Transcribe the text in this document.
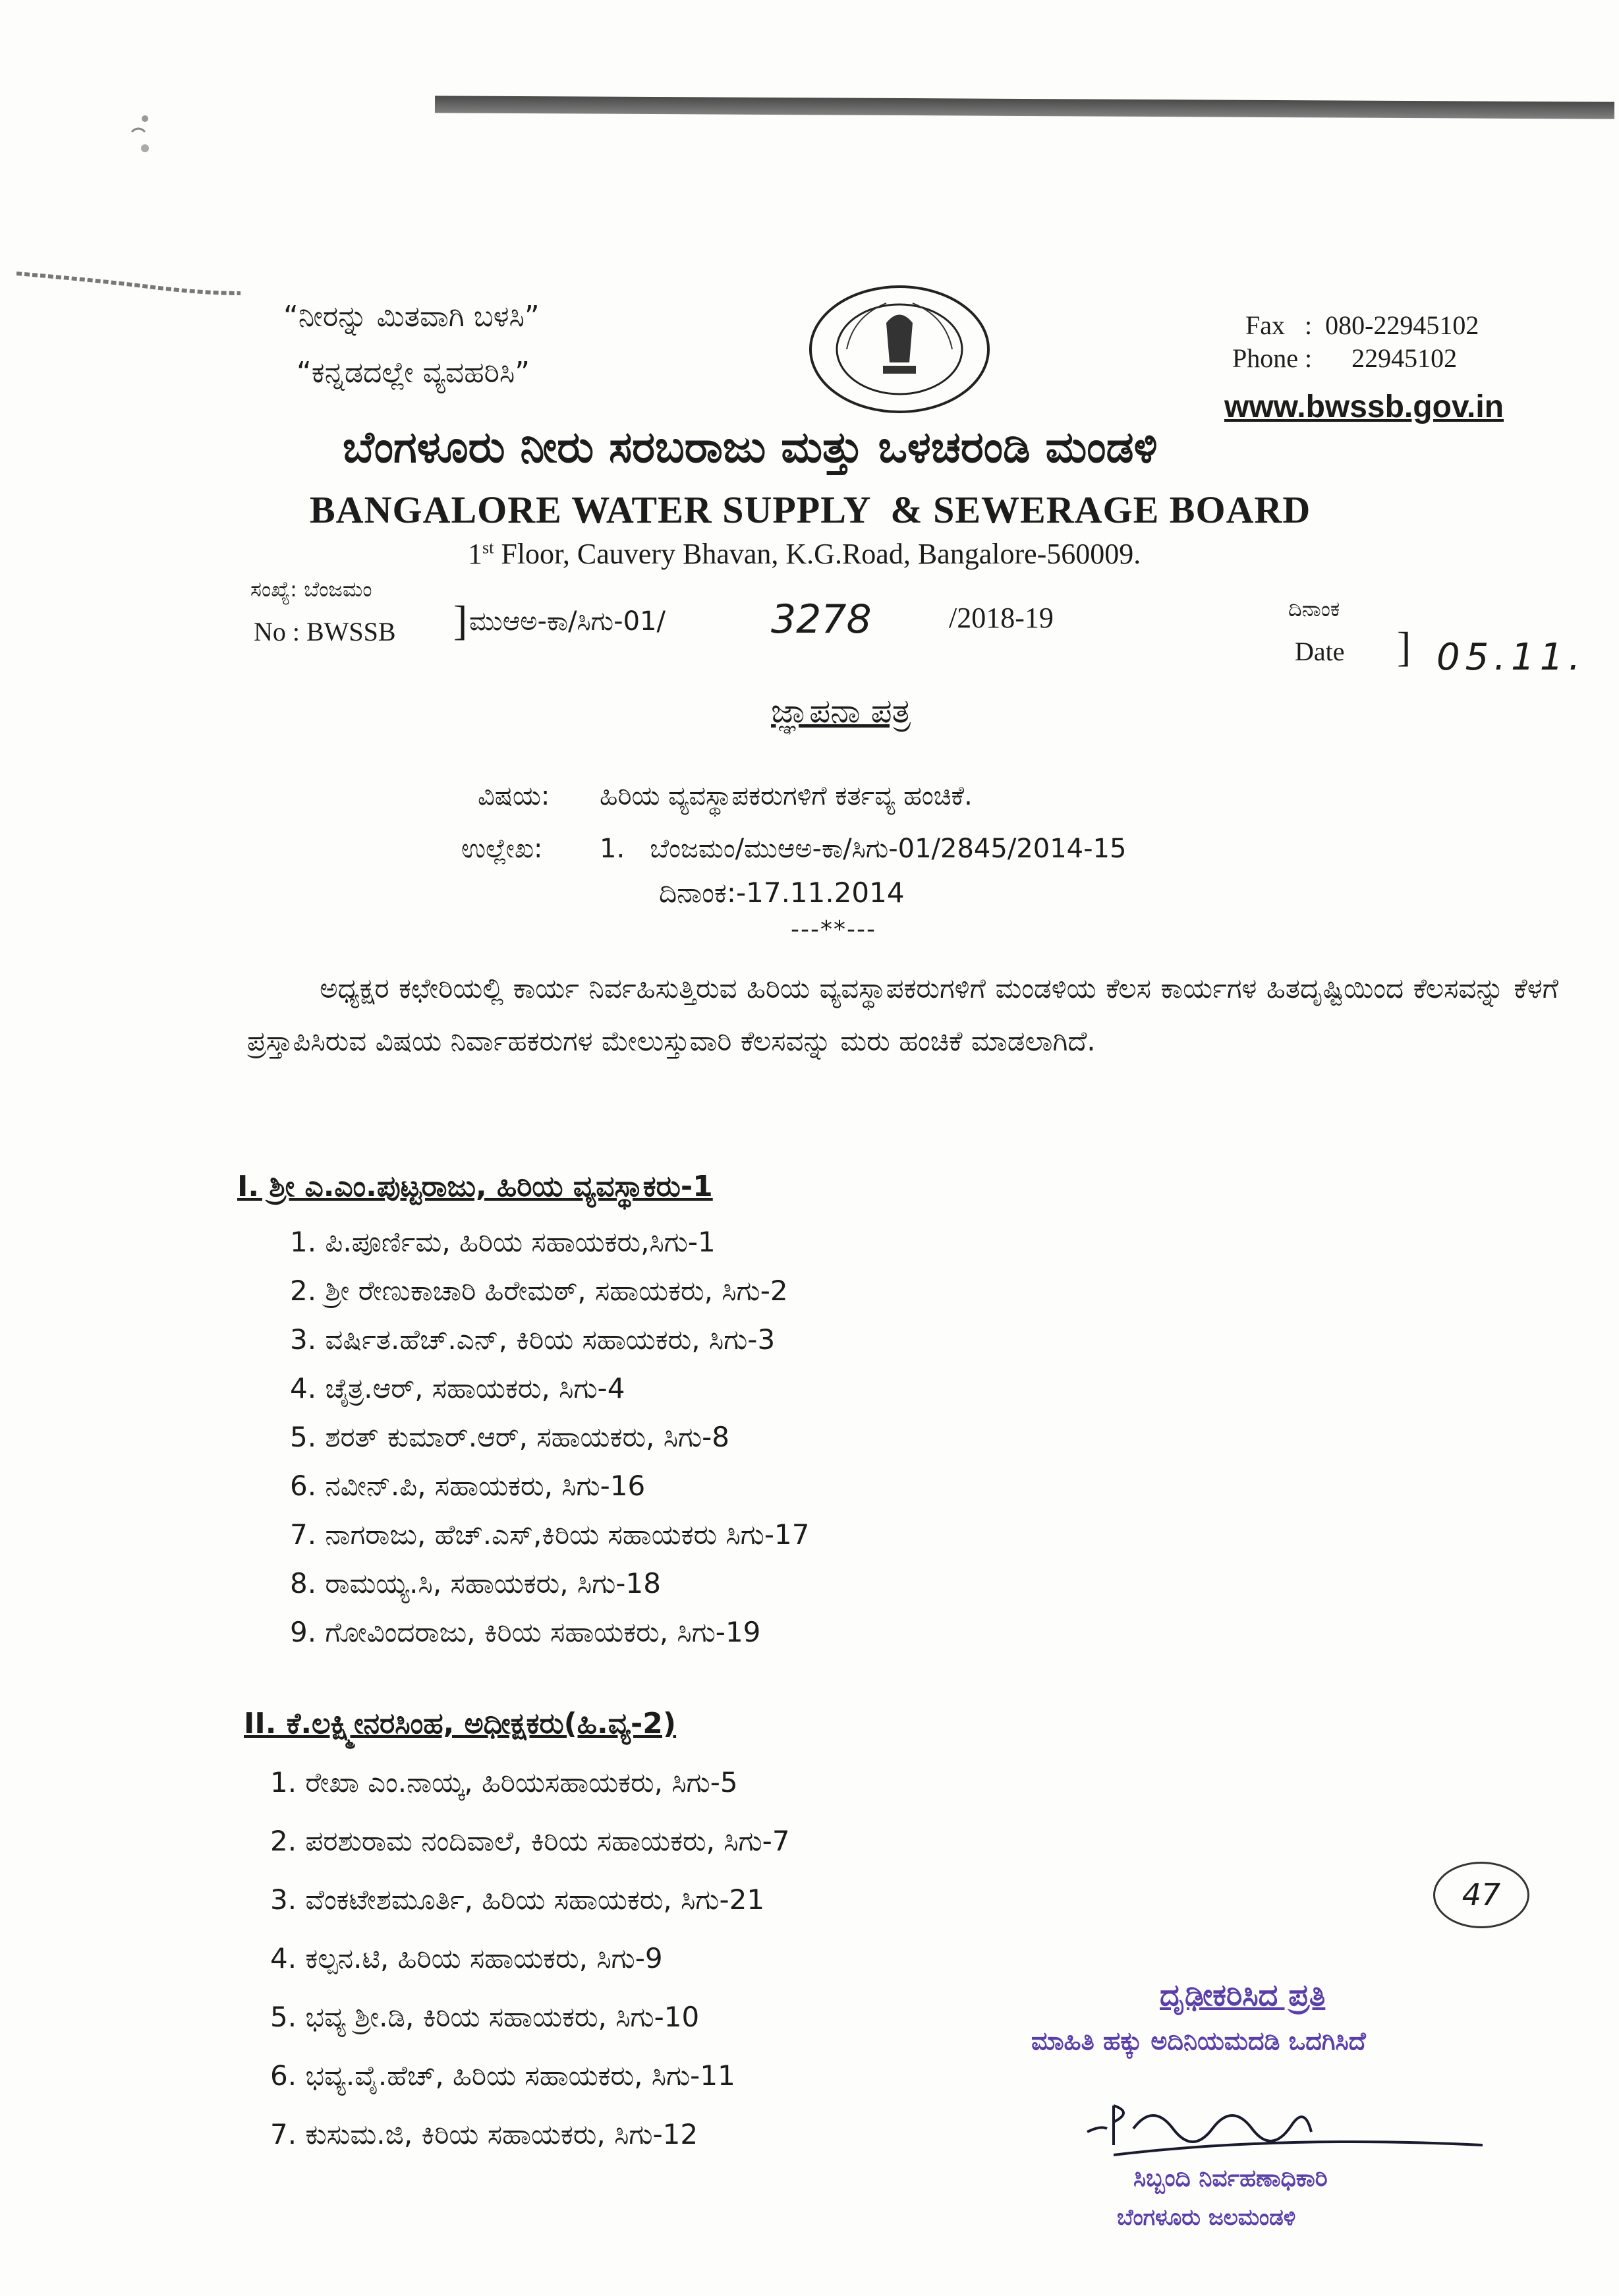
“ನೀರನ್ನು ಮಿತವಾಗಿ ಬಳಸಿ”
“ಕನ್ನಡದಲ್ಲೇ ವ್ಯವಹರಿಸಿ”
Fax   :  080-22945102
Phone :      22945102
www.bwssb.gov.in
ಬೆಂಗಳೂರು ನೀರು ಸರಬರಾಜು ಮತ್ತು ಒಳಚರಂಡಿ ಮಂಡಳಿ
BANGALORE WATER SUPPLY  & SEWERAGE BOARD
1st Floor, Cauvery Bhavan, K.G.Road, Bangalore-560009.
ಸಂಖ್ಯೆ: ಬೆಂಜಮಂ
No : BWSSB ] ಮುಆಅ-ಕಾ/ಸಿಗು-01/	3278	/2018-19	ದಿನಾಂಕ
Date ] 05.11.
ಜ್ಞಾಪನಾ ಪತ್ರ
ವಿಷಯ: ಹಿರಿಯ ವ್ಯವಸ್ಥಾಪಕರುಗಳಿಗೆ ಕರ್ತವ್ಯ ಹಂಚಿಕೆ.
ಉಲ್ಲೇಖ: 1.   ಬೆಂಜಮಂ/ಮುಆಅ-ಕಾ/ಸಿಗು-01/2845/2014-15
ದಿನಾಂಕ:-17.11.2014
---**---
ಅಧ್ಯಕ್ಷರ ಕಛೇರಿಯಲ್ಲಿ ಕಾರ್ಯ ನಿರ್ವಹಿಸುತ್ತಿರುವ ಹಿರಿಯ ವ್ಯವಸ್ಥಾಪಕರುಗಳಿಗೆ ಮಂಡಳಿಯ ಕೆಲಸ ಕಾರ್ಯಗಳ ಹಿತದೃಷ್ಟಿಯಿಂದ ಕೆಲಸವನ್ನು ಕೆಳಗೆ ಪ್ರಸ್ತಾಪಿಸಿರುವ ವಿಷಯ ನಿರ್ವಾಹಕರುಗಳ ಮೇಲುಸ್ತುವಾರಿ ಕೆಲಸವನ್ನು ಮರು ಹಂಚಿಕೆ ಮಾಡಲಾಗಿದೆ.
I. ಶ್ರೀ ಎ.ಎಂ.ಪುಟ್ಟರಾಜು, ಹಿರಿಯ ವ್ಯವಸ್ಥಾಕರು-1
1. ಪಿ.ಪೂರ್ಣಿಮ, ಹಿರಿಯ ಸಹಾಯಕರು,ಸಿಗು-1
2. ಶ್ರೀ ರೇಣುಕಾಚಾರಿ ಹಿರೇಮಠ್, ಸಹಾಯಕರು, ಸಿಗು-2
3. ವರ್ಷಿತ.ಹೆಚ್.ಎನ್, ಕಿರಿಯ ಸಹಾಯಕರು, ಸಿಗು-3
4. ಚೈತ್ರ.ಆರ್, ಸಹಾಯಕರು, ಸಿಗು-4
5. ಶರತ್ ಕುಮಾರ್.ಆರ್, ಸಹಾಯಕರು, ಸಿಗು-8
6. ನವೀನ್.ಪಿ, ಸಹಾಯಕರು, ಸಿಗು-16
7. ನಾಗರಾಜು, ಹೆಚ್.ಎಸ್,ಕಿರಿಯ ಸಹಾಯಕರು ಸಿಗು-17
8. ರಾಮಯ್ಯ.ಸಿ, ಸಹಾಯಕರು, ಸಿಗು-18
9. ಗೋವಿಂದರಾಜು, ಕಿರಿಯ ಸಹಾಯಕರು, ಸಿಗು-19
II. ಕೆ.ಲಕ್ಷ್ಮೀನರಸಿಂಹ, ಅಧೀಕ್ಷಕರು(ಹಿ.ವ್ಯ-2)
1. ರೇಖಾ ಎಂ.ನಾಯ್ಕ, ಹಿರಿಯಸಹಾಯಕರು, ಸಿಗು-5
2. ಪರಶುರಾಮ ನಂದಿವಾಲೆ, ಕಿರಿಯ ಸಹಾಯಕರು, ಸಿಗು-7
3. ವೆಂಕಟೇಶಮೂರ್ತಿ, ಹಿರಿಯ ಸಹಾಯಕರು, ಸಿಗು-21
4. ಕಲ್ಪನ.ಟಿ, ಹಿರಿಯ ಸಹಾಯಕರು, ಸಿಗು-9
5. ಭವ್ಯ ಶ್ರೀ.ಡಿ, ಕಿರಿಯ ಸಹಾಯಕರು, ಸಿಗು-10
6. ಭವ್ಯ.ವೈ.ಹೆಚ್, ಹಿರಿಯ ಸಹಾಯಕರು, ಸಿಗು-11
7. ಕುಸುಮ.ಜಿ, ಕಿರಿಯ ಸಹಾಯಕರು, ಸಿಗು-12
47
ದೃಢೀಕರಿಸಿದ ಪ್ರತಿ
ಮಾಹಿತಿ ಹಕ್ಕು ಅದಿನಿಯಮದಡಿ ಒದಗಿಸಿದೆ
ಸಿಬ್ಬಂದಿ ನಿರ್ವಹಣಾಧಿಕಾರಿ
ಬೆಂಗಳೂರು ಜಲಮಂಡಳಿ
